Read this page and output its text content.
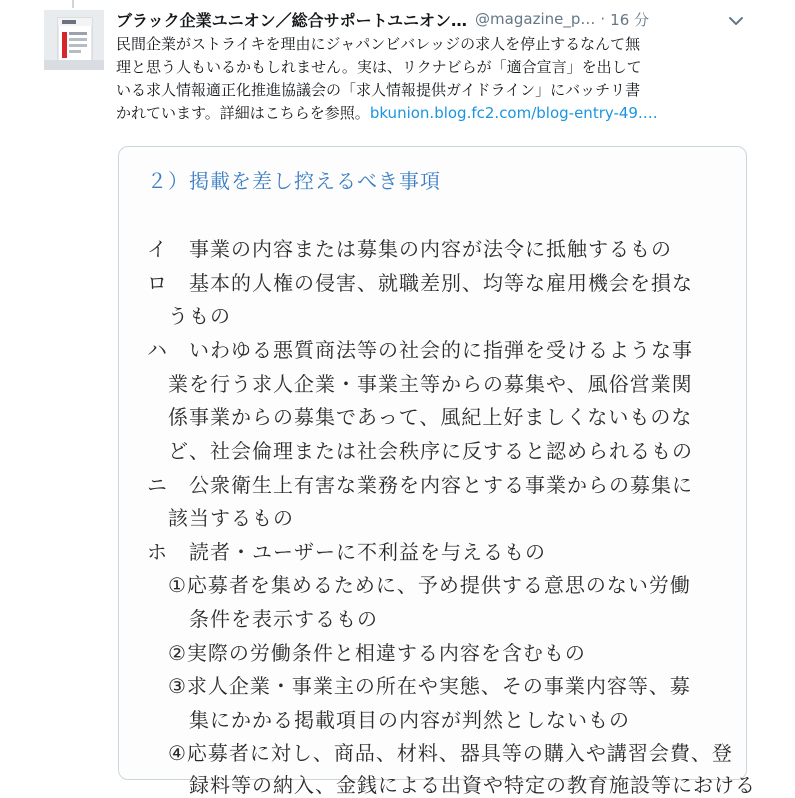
ブラック企業ユニオン／総合サポートユニオン… @magazine_p… · 16 分
民間企業がストライキを理由にジャパンビバレッジの求人を停止するなんて無
理と思う人もいるかもしれません。実は、リクナビらが「適合宣言」を出して
いる求人情報適正化推進協議会の「求人情報提供ガイドライン」にバッチリ書
かれています。詳細はこちらを参照。bkunion.blog.fc2.com/blog-entry-49.…
２）掲載を差し控えるべき事項
イ　事業の内容または募集の内容が法令に抵触するもの
ロ　基本的人権の侵害、就職差別、均等な雇用機会を損な
　うもの
ハ　いわゆる悪質商法等の社会的に指弾を受けるような事
　業を行う求人企業・事業主等からの募集や、風俗営業関
　係事業からの募集であって、風紀上好ましくないものな
　ど、社会倫理または社会秩序に反すると認められるもの
ニ　公衆衛生上有害な業務を内容とする事業からの募集に
　該当するもの
ホ　読者・ユーザーに不利益を与えるもの
　①応募者を集めるために、予め提供する意思のない労働
　　条件を表示するもの
　②実際の労働条件と相違する内容を含むもの
　③求人企業・事業主の所在や実態、その事業内容等、募
　　集にかかる掲載項目の内容が判然としないもの
　④応募者に対し、商品、材料、器具等の購入や講習会費、登
　　録料等の納入、金銭による出資や特定の教育施設等における
